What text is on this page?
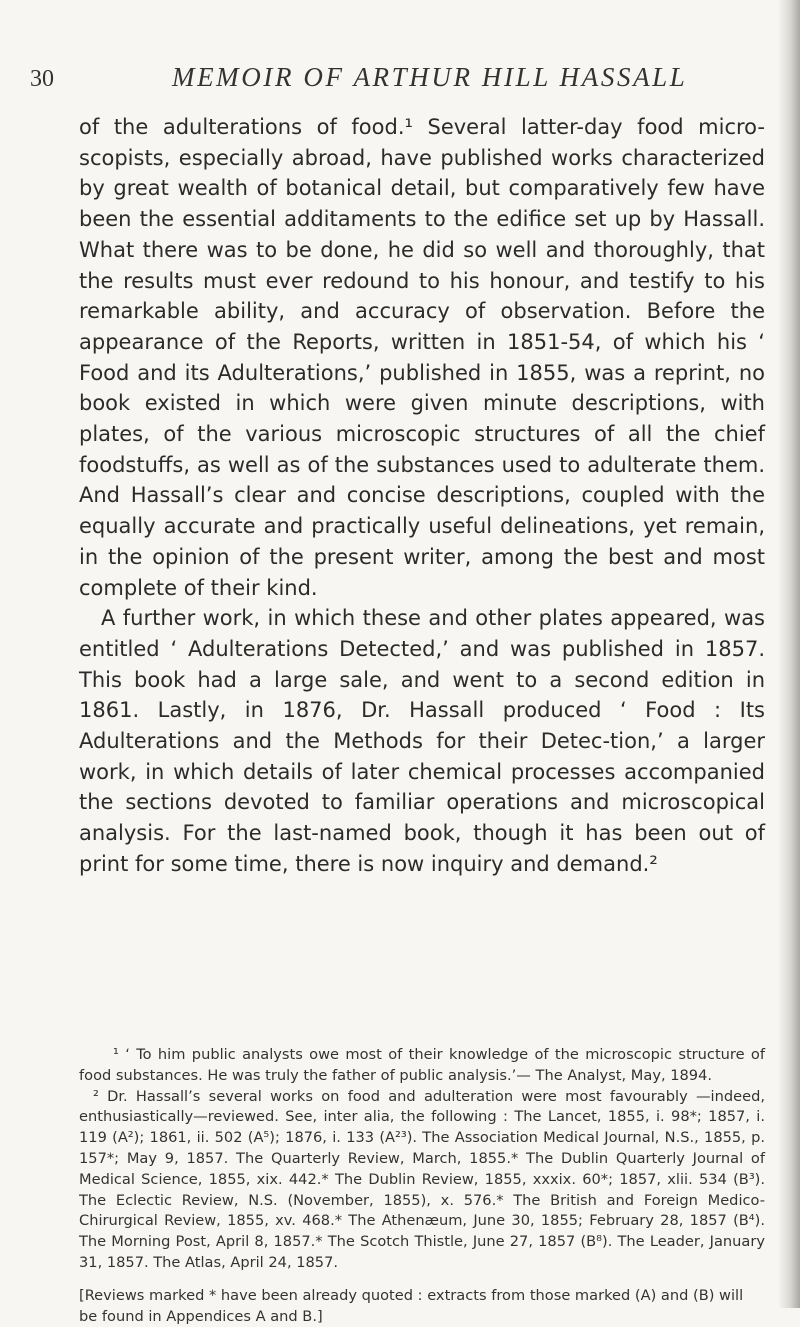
30	MEMOIR OF ARTHUR HILL HASSALL

of the adulterations of food.¹ Several latter-day food micro-scopists, especially abroad, have published works characterized by great wealth of botanical detail, but comparatively few have been the essential additaments to the edifice set up by Hassall. What there was to be done, he did so well and thoroughly, that the results must ever redound to his honour, and testify to his remarkable ability, and accuracy of observation. Before the appearance of the Reports, written in 1851-54, of which his ‘ Food and its Adulterations,’ published in 1855, was a reprint, no book existed in which were given minute descriptions, with plates, of the various microscopic structures of all the chief foodstuffs, as well as of the substances used to adulterate them. And Hassall’s clear and concise descriptions, coupled with the equally accurate and practically useful delineations, yet remain, in the opinion of the present writer, among the best and most complete of their kind.

A further work, in which these and other plates appeared, was entitled ‘ Adulterations Detected,’ and was published in 1857. This book had a large sale, and went to a second edition in 1861. Lastly, in 1876, Dr. Hassall produced ‘ Food : Its Adulterations and the Methods for their Detec-tion,’ a larger work, in which details of later chemical processes accompanied the sections devoted to familiar operations and microscopical analysis. For the last-named book, though it has been out of print for some time, there is now inquiry and demand.²

¹ ‘ To him public analysts owe most of their knowledge of the microscopic structure of food substances. He was truly the father of public analysis.’— The Analyst, May, 1894.

² Dr. Hassall’s several works on food and adulteration were most favourably —indeed, enthusiastically—reviewed. See, inter alia, the following : The Lancet, 1855, i. 98*; 1857, i. 119 (A²); 1861, ii. 502 (A⁵); 1876, i. 133 (A²³). The Association Medical Journal, N.S., 1855, p. 157*; May 9, 1857. The Quarterly Review, March, 1855.* The Dublin Quarterly Journal of Medical Science, 1855, xix. 442.* The Dublin Review, 1855, xxxix. 60*; 1857, xlii. 534 (B³). The Eclectic Review, N.S. (November, 1855), x. 576.* The British and Foreign Medico-Chirurgical Review, 1855, xv. 468.* The Athenæum, June 30, 1855; February 28, 1857 (B⁴). The Morning Post, April 8, 1857.* The Scotch Thistle, June 27, 1857 (B⁸). The Leader, January 31, 1857. The Atlas, April 24, 1857.

[Reviews marked * have been already quoted : extracts from those marked (A) and (B) will be found in Appendices A and B.]
